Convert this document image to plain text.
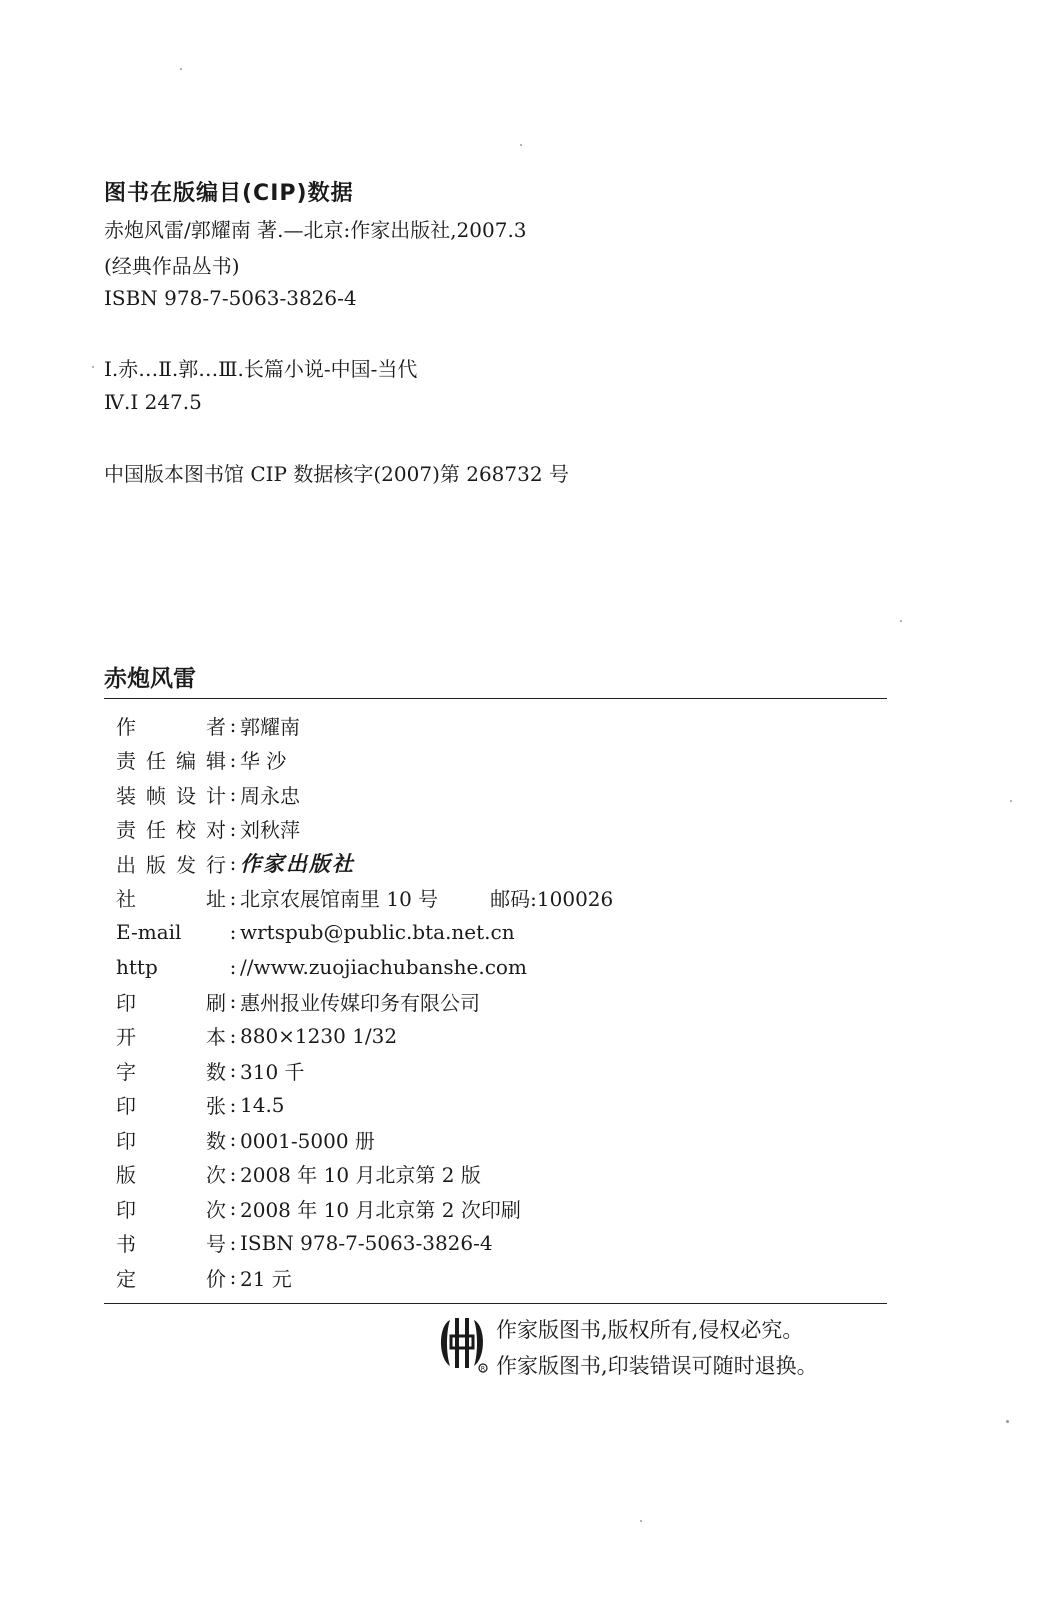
图书在版编目(CIP)数据
赤炮风雷/郭耀南 著.—北京:作家出版社,2007.3
(经典作品丛书)
ISBN 978-7-5063-3826-4
Ⅰ.赤…Ⅱ.郭…Ⅲ.长篇小说-中国-当代
Ⅳ.I 247.5
中国版本图书馆 CIP 数据核字(2007)第 268732 号
赤炮风雷
作者 : 郭耀南
责任编辑 : 华 沙
装帧设计 : 周永忠
责任校对 : 刘秋萍
出版发行 : 作家出版社
社址 : 北京农展馆南里 10 号	邮码:100026
E-mail	: wrtspub@public.bta.net.cn
http	: //www.zuojiachubanshe.com
印刷 : 惠州报业传媒印务有限公司
开本 : 880×1230 1/32
字数 : 310 千
印张 : 14.5
印数 : 0001-5000 册
版次 : 2008 年 10 月北京第 2 版
印次 : 2008 年 10 月北京第 2 次印刷
书号 : ISBN 978-7-5063-3826-4
定价 : 21 元
R
作家版图书,版权所有,侵权必究。
作家版图书,印装错误可随时退换。
